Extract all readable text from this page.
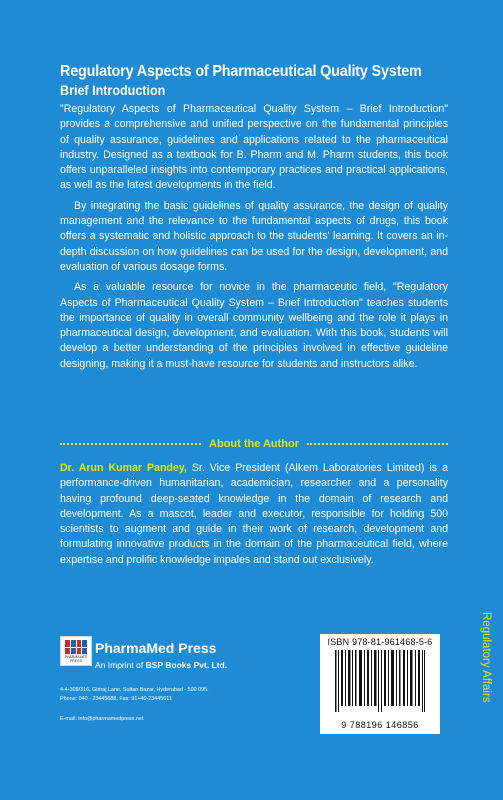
Regulatory Aspects of Pharmaceutical Quality System
Brief Introduction

"Regulatory Aspects of Pharmaceutical Quality System – Brief Introduction" provides a comprehensive and unified perspective on the fundamental principles of quality assurance, guidelines and applications related to the pharmaceutical industry. Designed as a textbook for B. Pharm and M. Pharm students, this book offers unparalleled insights into contemporary practices and practical applications, as well as the latest developments in the field.

By integrating the basic guidelines of quality assurance, the design of quality management and the relevance to the fundamental aspects of drugs, this book offers a systematic and holistic approach to the students' learning. It covers an in-depth discussion on how guidelines can be used for the design, development, and evaluation of various dosage forms.

As a valuable resource for novice in the pharmaceutic field, "Regulatory Aspects of Pharmaceutical Quality System – Brief Introduction" teaches students the importance of quality in overall community wellbeing and the role it plays in pharmaceutical design, development, and evaluation. With this book, students will develop a better understanding of the principles involved in effective guideline designing, making it a must-have resource for students and instructors alike.

About the Author

Dr. Arun Kumar Pandey, Sr. Vice President (Alkem Laboratories Limited) is a performance-driven humanitarian, academician, researcher and a personality having profound deep-seated knowledge in the domain of research and development. As a mascot, leader and executor, responsible for holding 500 scientists to augment and guide in their work of research, development and formulating innovative products in the domain of the pharmaceutical field, where expertise and prolific knowledge impales and stand out exclusively.

PHARMAMED PRESS
PharmaMed Press
An Imprint of BSP Books Pvt. Ltd.
4-4-309/316, Giriraj Lane, Sultan Bazar, Hyderabad - 500 095.
Phone: 040 - 23445688, Fax: 91+40-23445611
E-mail: info@pharmamedpress.net
ISBN 978-81-961468-5-6
9 788196 146856
Regulatory Affairs
